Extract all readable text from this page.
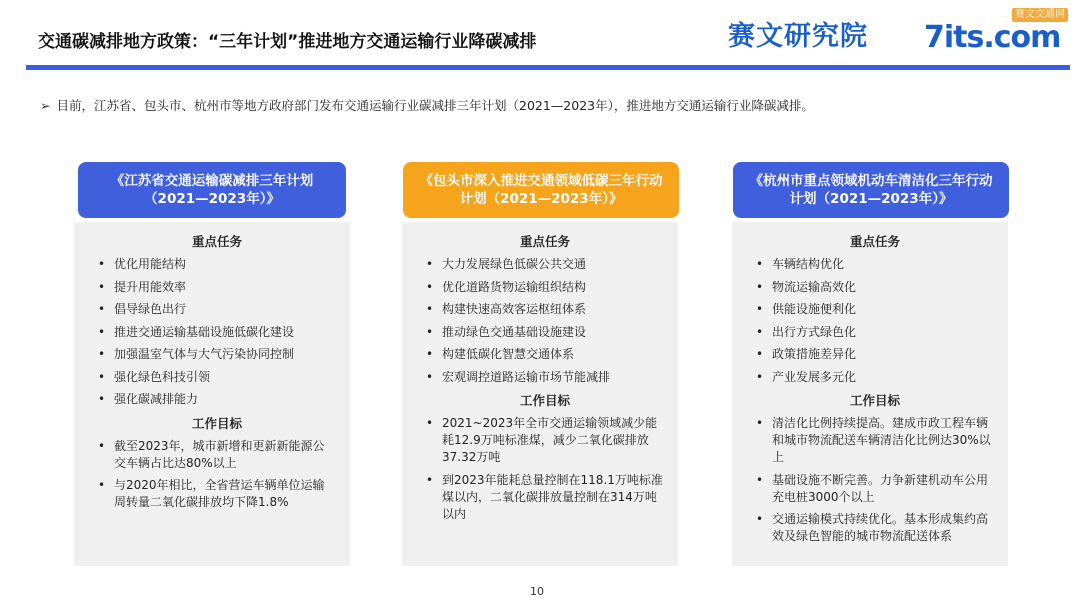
交通碳减排地方政策：“三年计划”推进地方交通运输行业降碳减排	赛文研究院
赛文交通网
7its.com
➢ 目前，江苏省、包头市、杭州市等地方政府部门发布交通运输行业碳减排三年计划（2021—2023年），推进地方交通运输行业降碳减排。
重点任务
• 优化用能结构
• 提升用能效率
• 倡导绿色出行
• 推进交通运输基础设施低碳化建设
• 加强温室气体与大气污染协同控制
• 强化绿色科技引领
• 强化碳减排能力
工作目标
• 截至2023年，城市新增和更新新能源公交车辆占比达80%以上
• 与2020年相比，全省营运车辆单位运输周转量二氧化碳排放均下降1.8%
《江苏省交通运输碳减排三年计划（2021—2023年）》
重点任务
• 大力发展绿色低碳公共交通
• 优化道路货物运输组织结构
• 构建快速高效客运枢纽体系
• 推动绿色交通基础设施建设
• 构建低碳化智慧交通体系
• 宏观调控道路运输市场节能减排
工作目标
• 2021~2023年全市交通运输领域减少能耗12.9万吨标准煤，减少二氧化碳排放37.32万吨
• 到2023年能耗总量控制在118.1万吨标准煤以内，二氧化碳排放量控制在314万吨以内
《包头市深入推进交通领域低碳三年行动计划（2021—2023年）》
重点任务
• 车辆结构优化
• 物流运输高效化
• 供能设施便利化
• 出行方式绿色化
• 政策措施差异化
• 产业发展多元化
工作目标
• 清洁化比例持续提高。建成市政工程车辆和城市物流配送车辆清洁化比例达30%以上
• 基础设施不断完善。力争新建机动车公用充电桩3000个以上
• 交通运输模式持续优化。基本形成集约高效及绿色智能的城市物流配送体系
《杭州市重点领域机动车清洁化三年行动计划（2021—2023年）》
10
